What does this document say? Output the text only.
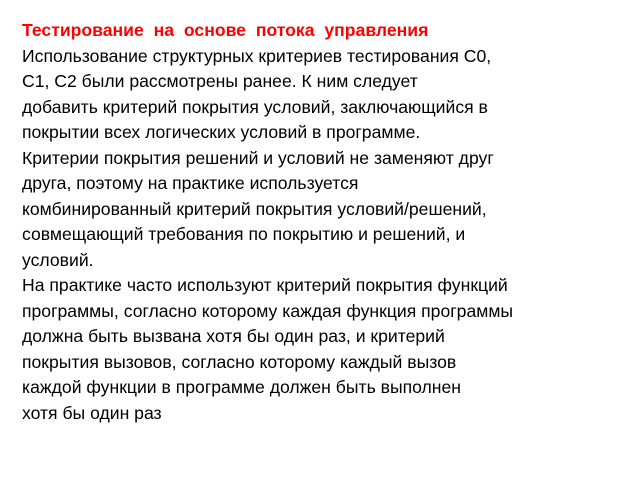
Тестирование на основе потока управления
Использование структурных критериев тестирования С0,
С1, С2 были рассмотрены ранее. К ним следует
добавить критерий покрытия условий, заключающийся в
покрытии всех логических условий в программе.
Критерии покрытия решений и условий не заменяют друг
друга, поэтому на практике используется
комбинированный критерий покрытия условий/решений,
совмещающий требования по покрытию и решений, и
условий.
На практике часто используют критерий покрытия функций
программы, согласно которому каждая функция программы
должна быть вызвана хотя бы один раз, и критерий
покрытия вызовов, согласно которому каждый вызов
каждой функции в программе должен быть выполнен
хотя бы один раз
